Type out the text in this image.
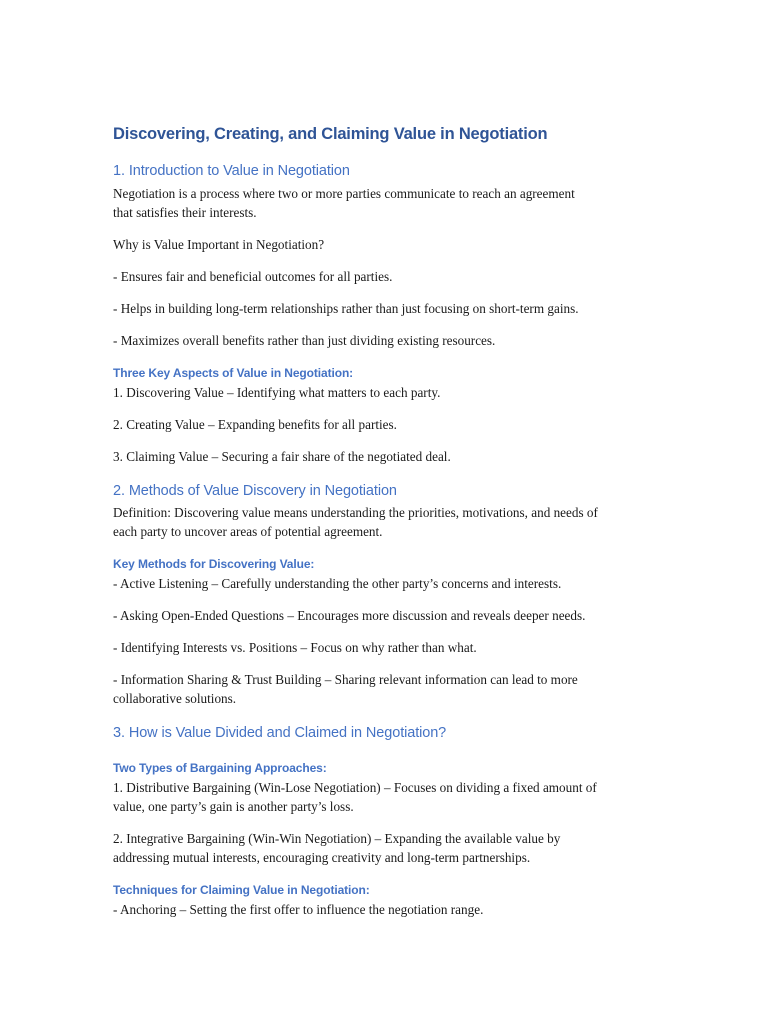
Discovering, Creating, and Claiming Value in Negotiation
1. Introduction to Value in Negotiation
Negotiation is a process where two or more parties communicate to reach an agreement
that satisfies their interests.
Why is Value Important in Negotiation?
- Ensures fair and beneficial outcomes for all parties.
- Helps in building long-term relationships rather than just focusing on short-term gains.
- Maximizes overall benefits rather than just dividing existing resources.
Three Key Aspects of Value in Negotiation:
1. Discovering Value – Identifying what matters to each party.
2. Creating Value – Expanding benefits for all parties.
3. Claiming Value – Securing a fair share of the negotiated deal.
2. Methods of Value Discovery in Negotiation
Definition: Discovering value means understanding the priorities, motivations, and needs of
each party to uncover areas of potential agreement.
Key Methods for Discovering Value:
- Active Listening – Carefully understanding the other party’s concerns and interests.
- Asking Open-Ended Questions – Encourages more discussion and reveals deeper needs.
- Identifying Interests vs. Positions – Focus on why rather than what.
- Information Sharing & Trust Building – Sharing relevant information can lead to more
collaborative solutions.
3. How is Value Divided and Claimed in Negotiation?
Two Types of Bargaining Approaches:
1. Distributive Bargaining (Win-Lose Negotiation) – Focuses on dividing a fixed amount of
value, one party’s gain is another party’s loss.
2. Integrative Bargaining (Win-Win Negotiation) – Expanding the available value by
addressing mutual interests, encouraging creativity and long-term partnerships.
Techniques for Claiming Value in Negotiation:
- Anchoring – Setting the first offer to influence the negotiation range.
